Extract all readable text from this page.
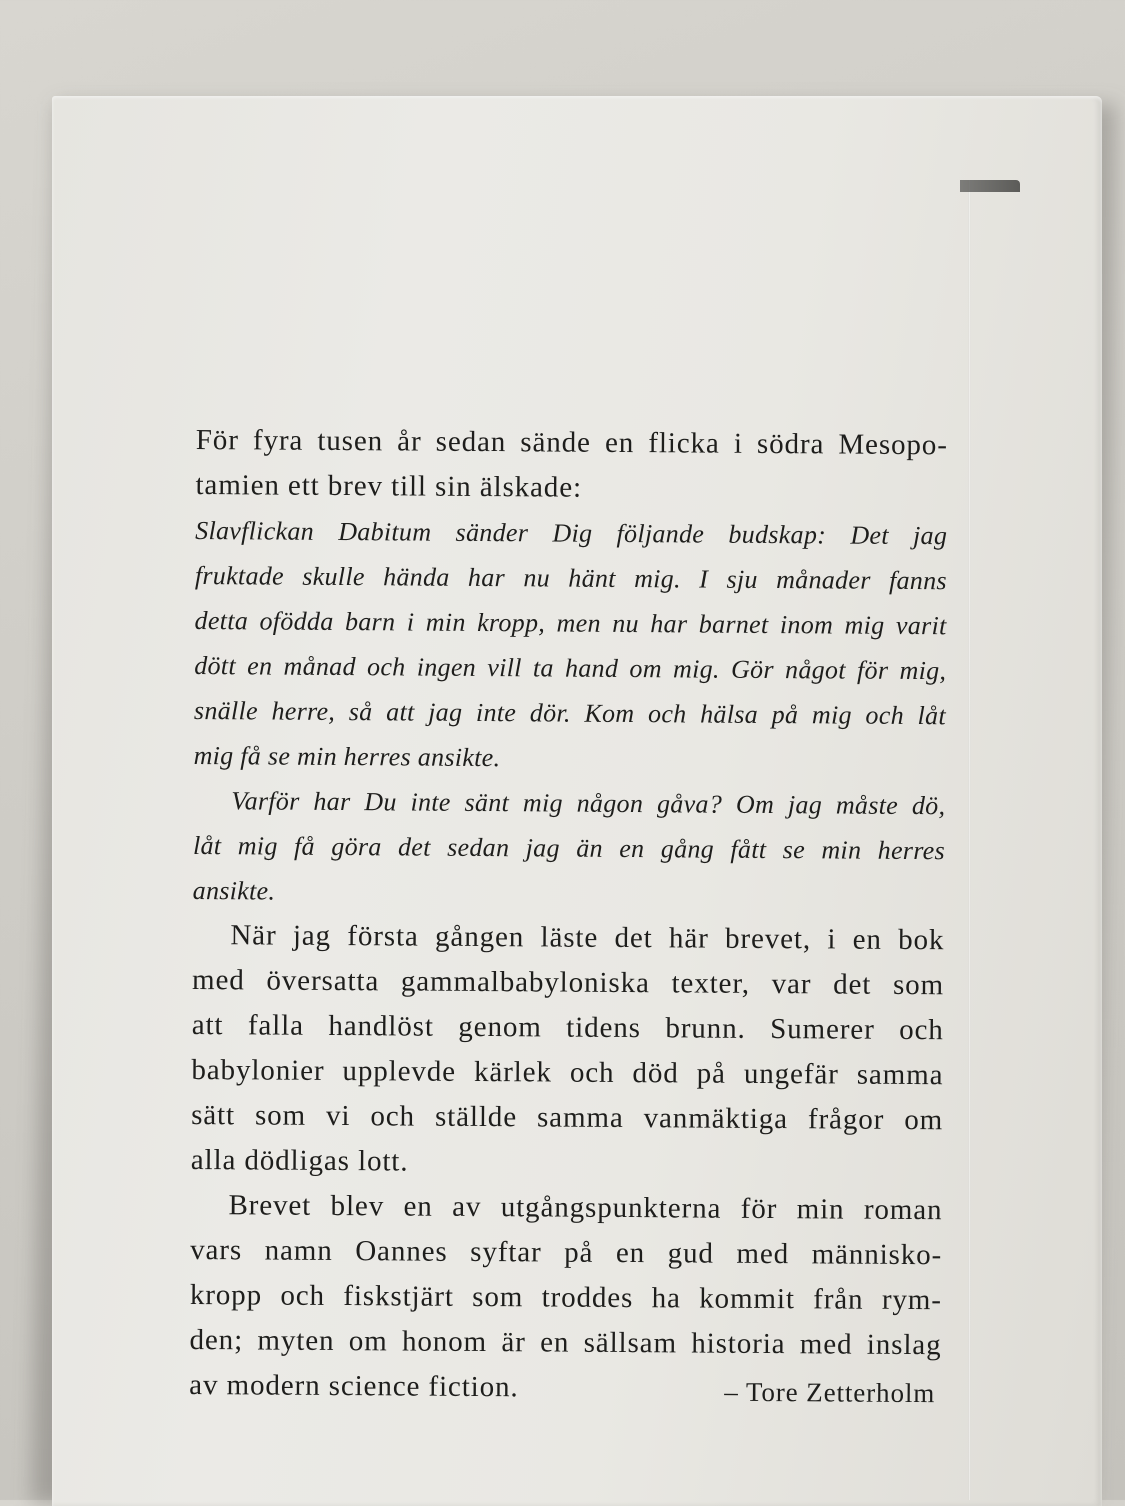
För fyra tusen år sedan sände en flicka i södra Mesopo-
tamien ett brev till sin älskade:
Slavflickan Dabitum sänder Dig följande budskap: Det jag
fruktade skulle hända har nu hänt mig. I sju månader fanns
detta ofödda barn i min kropp, men nu har barnet inom mig varit
dött en månad och ingen vill ta hand om mig. Gör något för mig,
snälle herre, så att jag inte dör. Kom och hälsa på mig och låt
mig få se min herres ansikte.
Varför har Du inte sänt mig någon gåva? Om jag måste dö,
låt mig få göra det sedan jag än en gång fått se min herres
ansikte.
När jag första gången läste det här brevet, i en bok
med översatta gammalbabyloniska texter, var det som
att falla handlöst genom tidens brunn. Sumerer och
babylonier upplevde kärlek och död på ungefär samma
sätt som vi och ställde samma vanmäktiga frågor om
alla dödligas lott.
Brevet blev en av utgångspunkterna för min roman
vars namn Oannes syftar på en gud med människo-
kropp och fiskstjärt som troddes ha kommit från rym-
den; myten om honom är en sällsam historia med inslag
av modern science fiction.	– Tore Zetterholm
